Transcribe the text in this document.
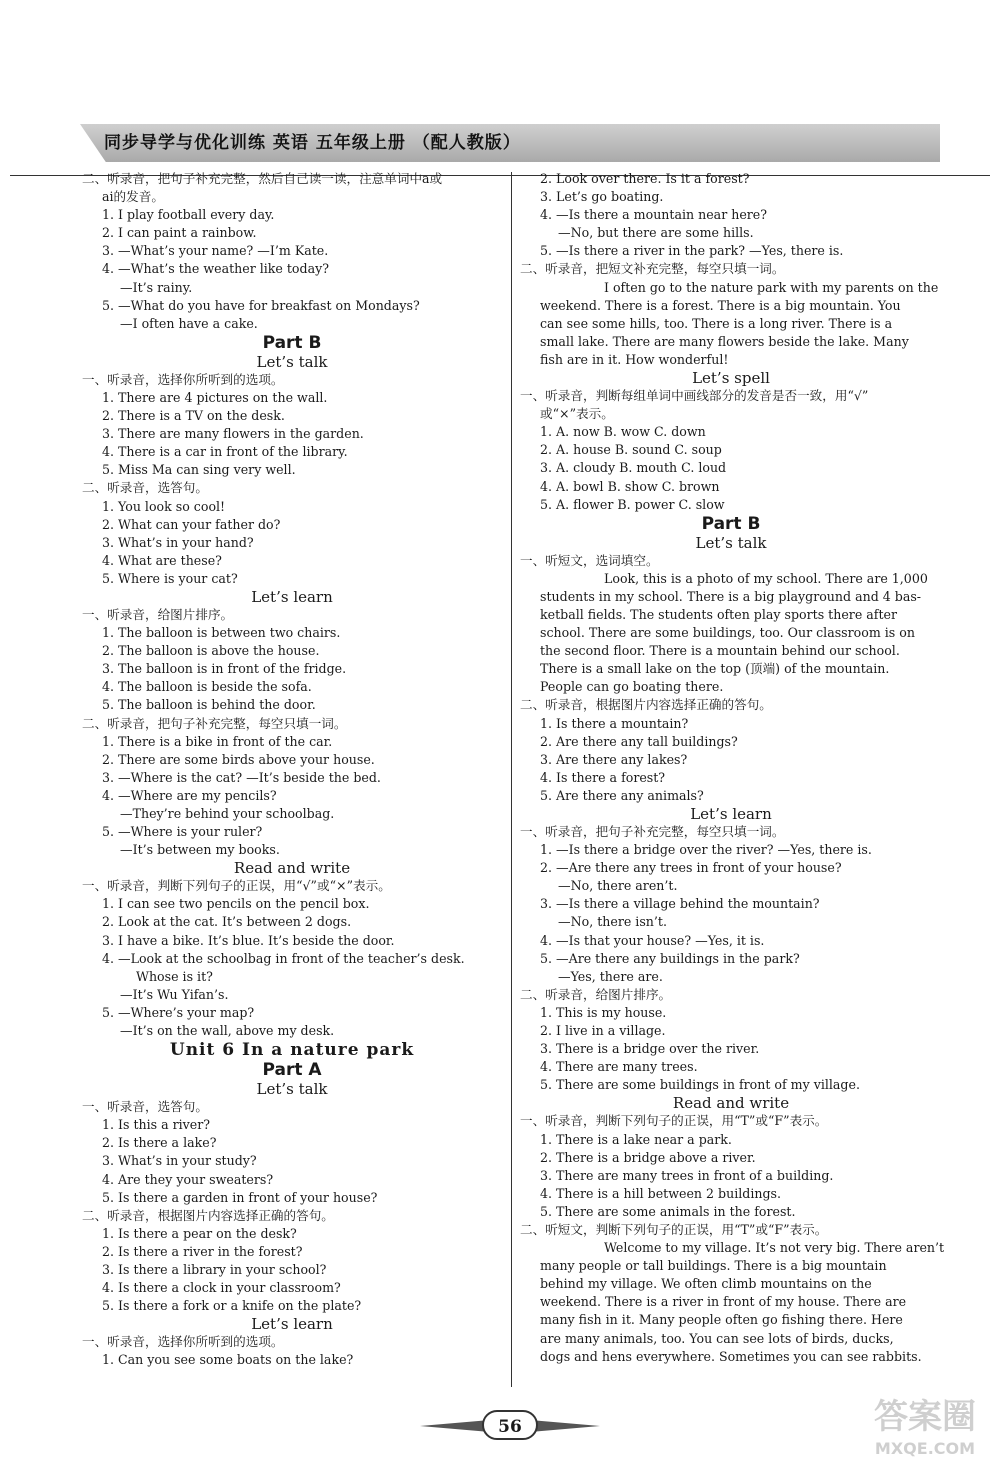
同步导学与优化训练 英语 五年级上册 （配人教版）
二、听录音，把句子补充完整，然后自己读一读，注意单词中a或
ai的发音。
1. I play football every day.
2. I can paint a rainbow.
3. —What’s your name? —I’m Kate.
4. —What’s the weather like today?
—It’s rainy.
5. —What do you have for breakfast on Mondays?
—I often have a cake.
Part B
Let’s talk
一、听录音，选择你所听到的选项。
1. There are 4 pictures on the wall.
2. There is a TV on the desk.
3. There are many flowers in the garden.
4. There is a car in front of the library.
5. Miss Ma can sing very well.
二、听录音，选答句。
1. You look so cool!
2. What can your father do?
3. What’s in your hand?
4. What are these?
5. Where is your cat?
Let’s learn
一、听录音，给图片排序。
1. The balloon is between two chairs.
2. The balloon is above the house.
3. The balloon is in front of the fridge.
4. The balloon is beside the sofa.
5. The balloon is behind the door.
二、听录音，把句子补充完整，每空只填一词。
1. There is a bike in front of the car.
2. There are some birds above your house.
3. —Where is the cat? —It’s beside the bed.
4. —Where are my pencils?
—They’re behind your schoolbag.
5. —Where is your ruler?
—It’s between my books.
Read and write
一、听录音，判断下列句子的正误，用“√”或“×”表示。
1. I can see two pencils on the pencil box.
2. Look at the cat. It’s between 2 dogs.
3. I have a bike. It’s blue. It’s beside the door.
4. —Look at the schoolbag in front of the teacher’s desk.
Whose is it?
—It’s Wu Yifan’s.
5. —Where’s your map?
—It’s on the wall, above my desk.
Unit 6 In a nature park
Part A
Let’s talk
一、听录音，选答句。
1. Is this a river?
2. Is there a lake?
3. What’s in your study?
4. Are they your sweaters?
5. Is there a garden in front of your house?
二、听录音，根据图片内容选择正确的答句。
1. Is there a pear on the desk?
2. Is there a river in the forest?
3. Is there a library in your school?
4. Is there a clock in your classroom?
5. Is there a fork or a knife on the plate?
Let’s learn
一、听录音，选择你所听到的选项。
1. Can you see some boats on the lake?
2. Look over there. Is it a forest?
3. Let’s go boating.
4. —Is there a mountain near here?
—No, but there are some hills.
5. —Is there a river in the park? —Yes, there is.
二、听录音，把短文补充完整，每空只填一词。
I often go to the nature park with my parents on the
weekend. There is a forest. There is a big mountain. You
can see some hills, too. There is a long river. There is a
small lake. There are many flowers beside the lake. Many
fish are in it. How wonderful!
Let’s spell
一、听录音，判断每组单词中画线部分的发音是否一致，用“√”
或“×”表示。
1. A. now B. wow C. down
2. A. house B. sound C. soup
3. A. cloudy B. mouth C. loud
4. A. bowl B. show C. brown
5. A. flower B. power C. slow
Part B
Let’s talk
一、听短文，选词填空。
Look, this is a photo of my school. There are 1,000
students in my school. There is a big playground and 4 bas-
ketball fields. The students often play sports there after
school. There are some buildings, too. Our classroom is on
the second floor. There is a mountain behind our school.
There is a small lake on the top (顶端) of the mountain.
People can go boating there.
二、听录音，根据图片内容选择正确的答句。
1. Is there a mountain?
2. Are there any tall buildings?
3. Are there any lakes?
4. Is there a forest?
5. Are there any animals?
Let’s learn
一、听录音，把句子补充完整，每空只填一词。
1. —Is there a bridge over the river? —Yes, there is.
2. —Are there any trees in front of your house?
—No, there aren’t.
3. —Is there a village behind the mountain?
—No, there isn’t.
4. —Is that your house? —Yes, it is.
5. —Are there any buildings in the park?
—Yes, there are.
二、听录音，给图片排序。
1. This is my house.
2. I live in a village.
3. There is a bridge over the river.
4. There are many trees.
5. There are some buildings in front of my village.
Read and write
一、听录音，判断下列句子的正误，用“T”或“F”表示。
1. There is a lake near a park.
2. There is a bridge above a river.
3. There are many trees in front of a building.
4. There is a hill between 2 buildings.
5. There are some animals in the forest.
二、听短文，判断下列句子的正误，用“T”或“F”表示。
Welcome to my village. It’s not very big. There aren’t
many people or tall buildings. There is a big mountain
behind my village. We often climb mountains on the
weekend. There is a river in front of my house. There are
many fish in it. Many people often go fishing there. Here
are many animals, too. You can see lots of birds, ducks,
dogs and hens everywhere. Sometimes you can see rabbits.
56	答案圈
MXQE.COM
